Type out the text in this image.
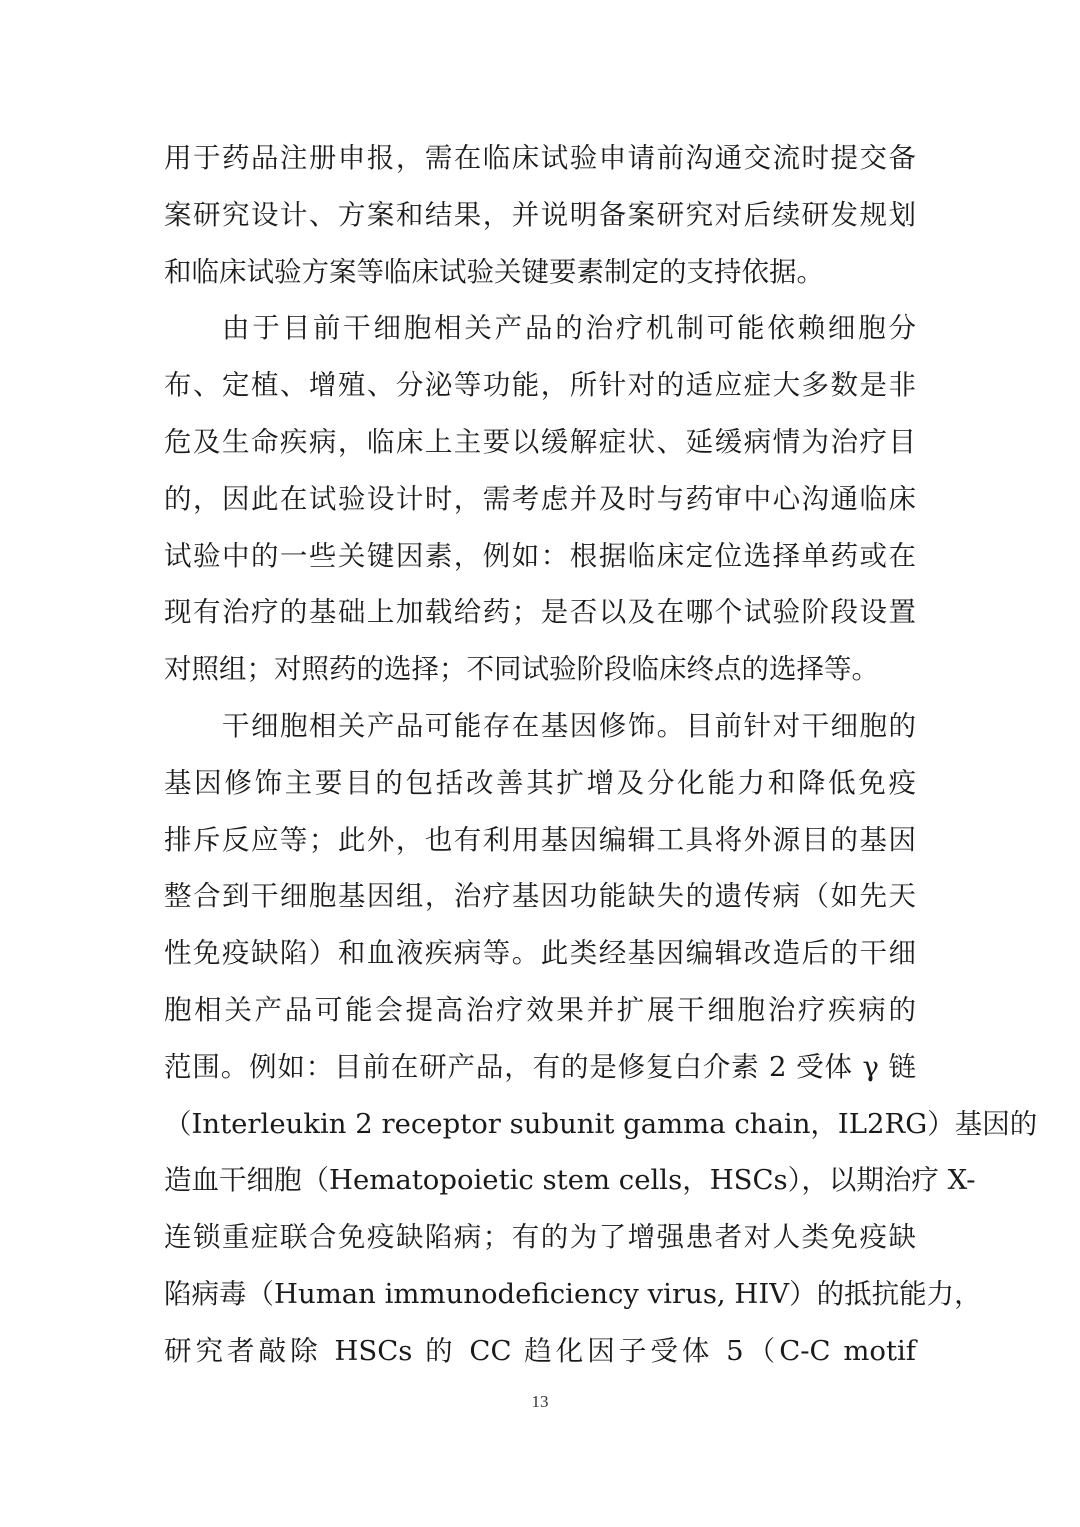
用于药品注册申报，需在临床试验申请前沟通交流时提交备
案研究设计、方案和结果，并说明备案研究对后续研发规划
和临床试验方案等临床试验关键要素制定的支持依据。
由于目前干细胞相关产品的治疗机制可能依赖细胞分
布、定植、增殖、分泌等功能，所针对的适应症大多数是非
危及生命疾病，临床上主要以缓解症状、延缓病情为治疗目
的，因此在试验设计时，需考虑并及时与药审中心沟通临床
试验中的一些关键因素，例如：根据临床定位选择单药或在
现有治疗的基础上加载给药；是否以及在哪个试验阶段设置
对照组；对照药的选择；不同试验阶段临床终点的选择等。
干细胞相关产品可能存在基因修饰。目前针对干细胞的
基因修饰主要目的包括改善其扩增及分化能力和降低免疫
排斥反应等；此外，也有利用基因编辑工具将外源目的基因
整合到干细胞基因组，治疗基因功能缺失的遗传病（如先天
性免疫缺陷）和血液疾病等。此类经基因编辑改造后的干细
胞相关产品可能会提高治疗效果并扩展干细胞治疗疾病的
范围。例如：目前在研产品，有的是修复白介素 2 受体 γ 链
（Interleukin 2 receptor subunit gamma chain，IL2RG）基因的
造血干细胞（Hematopoietic stem cells，HSCs），以期治疗 X-
连锁重症联合免疫缺陷病；有的为了增强患者对人类免疫缺
陷病毒（Human immunodeficiency virus, HIV）的抵抗能力，
研究者敲除 HSCs 的 CC 趋化因子受体 5（C-C motif
13
